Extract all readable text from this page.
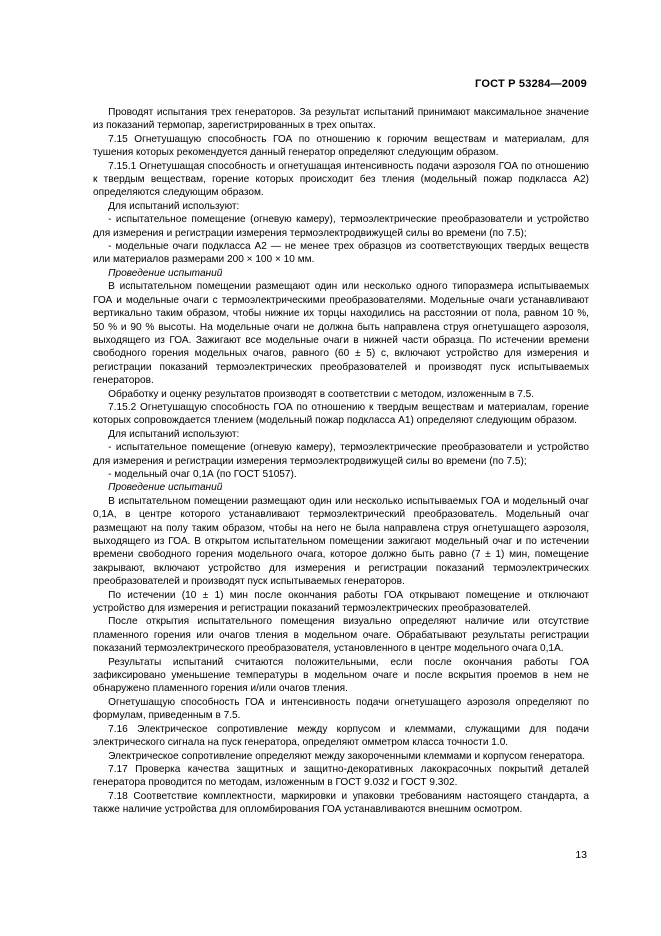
ГОСТ Р 53284—2009

Проводят испытания трех генераторов. За результат испытаний принимают максимальное значение из показаний термопар, зарегистрированных в трех опытах.

7.15 Огнетушащую способность ГОА по отношению к горючим веществам и материалам, для тушения которых рекомендуется данный генератор определяют следующим образом.

7.15.1 Огнетушащая способность и огнетушащая интенсивность подачи аэрозоля ГОА по отношению к твердым веществам, горение которых происходит без тления (модельный пожар подкласса А2) определяются следующим образом.

Для испытаний используют:

- испытательное помещение (огневую камеру), термоэлектрические преобразователи и устройство для измерения и регистрации измерения термоэлектродвижущей силы во времени (по 7.5);

- модельные очаги подкласса А2 — не менее трех образцов из соответствующих твердых веществ или материалов размерами 200 × 100 × 10 мм.

Проведение испытаний

В испытательном помещении размещают один или несколько одного типоразмера испытываемых ГОА и модельные очаги с термоэлектрическими преобразователями. Модельные очаги устанавливают вертикально таким образом, чтобы нижние их торцы находились на расстоянии от пола, равном 10 %, 50 % и 90 % высоты. На модельные очаги не должна быть направлена струя огнетушащего аэрозоля, выходящего из ГОА. Зажигают все модельные очаги в нижней части образца. По истечении времени свободного горения модельных очагов, равного (60 ± 5) с, включают устройство для измерения и регистрации показаний термоэлектрических преобразователей и производят пуск испытываемых генераторов.

Обработку и оценку результатов производят в соответствии с методом, изложенным в 7.5.

7.15.2 Огнетушащую способность ГОА по отношению к твердым веществам и материалам, горение которых сопровождается тлением (модельный пожар подкласса А1) определяют следующим образом.

Для испытаний используют:

- испытательное помещение (огневую камеру), термоэлектрические преобразователи и устройство для измерения и регистрации измерения термоэлектродвижущей силы во времени (по 7.5);

- модельный очаг 0,1А (по ГОСТ 51057).

Проведение испытаний

В испытательном помещении размещают один или несколько испытываемых ГОА и модельный очаг 0,1А, в центре которого устанавливают термоэлектрический преобразователь. Модельный очаг размещают на полу таким образом, чтобы на него не была направлена струя огнетушащего аэрозоля, выходящего из ГОА. В открытом испытательном помещении зажигают модельный очаг и по истечении времени свободного горения модельного очага, которое должно быть равно (7 ± 1) мин, помещение закрывают, включают устройство для измерения и регистрации показаний термоэлектрических преобразователей и производят пуск испытываемых генераторов.

По истечении (10 ± 1) мин после окончания работы ГОА открывают помещение и отключают устройство для измерения и регистрации показаний термоэлектрических преобразователей.

После открытия испытательного помещения визуально определяют наличие или отсутствие пламенного горения или очагов тления в модельном очаге. Обрабатывают результаты регистрации показаний термоэлектрического преобразователя, установленного в центре модельного очага 0,1А.

Результаты испытаний считаются положительными, если после окончания работы ГОА зафиксировано уменьшение температуры в модельном очаге и после вскрытия проемов в нем не обнаружено пламенного горения и/или очагов тления.

Огнетушащую способность ГОА и интенсивность подачи огнетушащего аэрозоля определяют по формулам, приведенным в 7.5.

7.16 Электрическое сопротивление между корпусом и клеммами, служащими для подачи электрического сигнала на пуск генератора, определяют омметром класса точности 1.0.

Электрическое сопротивление определяют между закороченными клеммами и корпусом генератора.

7.17 Проверка качества защитных и защитно-декоративных лакокрасочных покрытий деталей генератора проводится по методам, изложенным в ГОСТ 9.032 и ГОСТ 9.302.

7.18 Соответствие комплектности, маркировки и упаковки требованиям настоящего стандарта, а также наличие устройства для опломбирования ГОА устанавливаются внешним осмотром.

13
